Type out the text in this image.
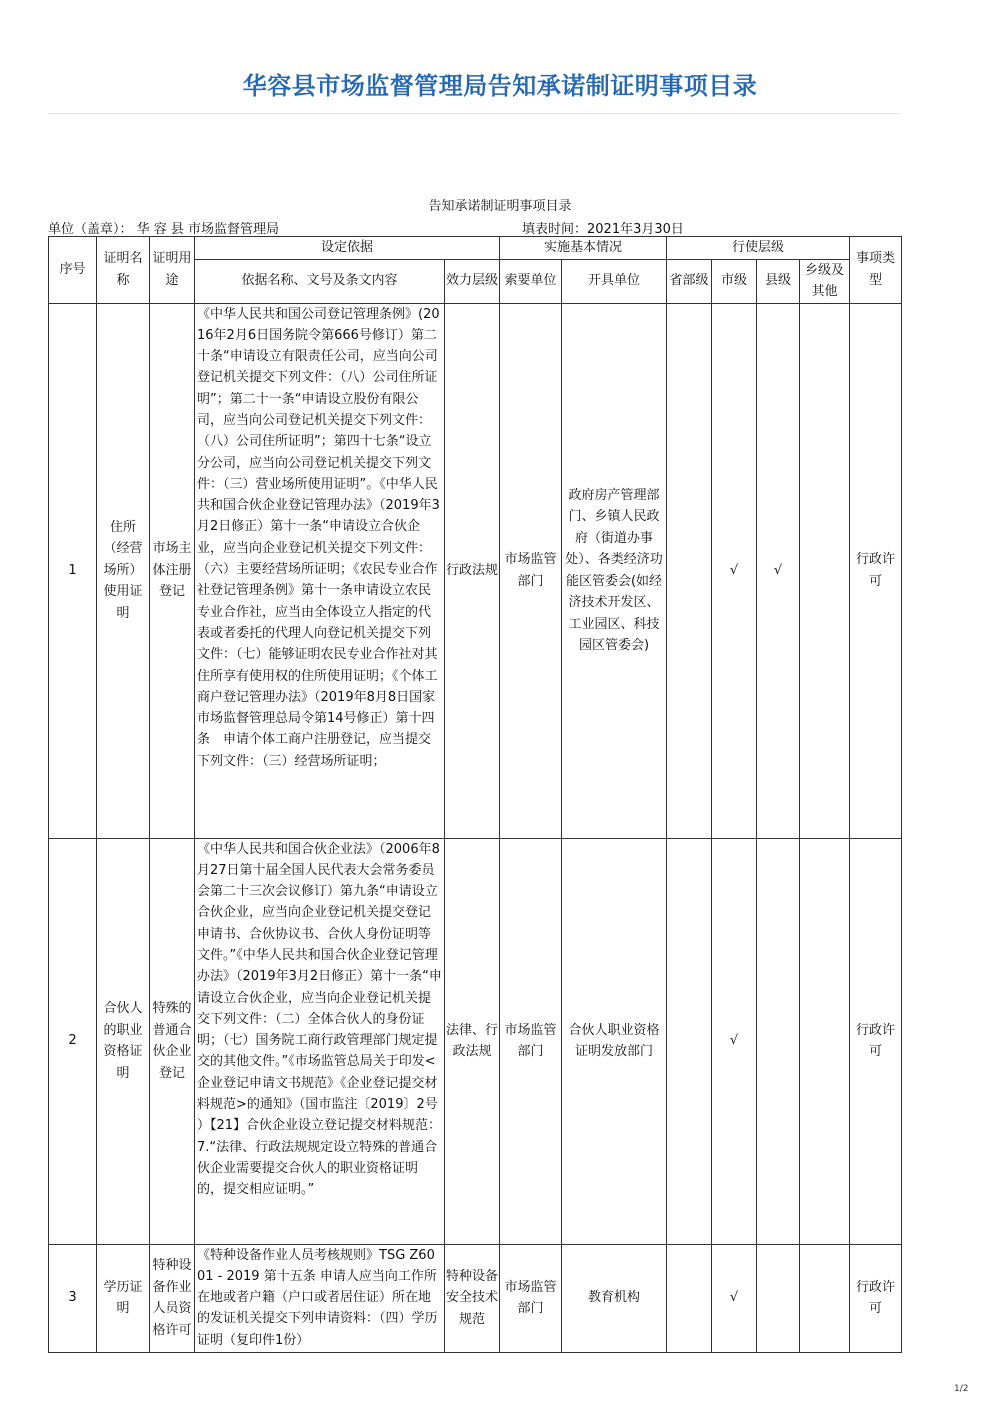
华容县市场监督管理局告知承诺制证明事项目录
告知承诺制证明事项目录
单位（盖章）： 华 容 县 市场监督管理局	填表时间：2021年3月30日
序号	证明名称	证明用途	设定依据		实施基本情况		行使层级				事项类型
			依据名称、文号及条文内容	效力层级	索要单位	开具单位	省部级	市级	县级	乡级及其他	
1	住所（经营场所）使用证明	市场主体注册登记	《中华人民共和国公司登记管理条例》(2016年2月6日国务院令第666号修订）第二十条“申请设立有限责任公司，应当向公司登记机关提交下列文件：（八）公司住所证明”；第二十一条“申请设立股份有限公司，应当向公司登记机关提交下列文件：（八）公司住所证明”；第四十七条“设立分公司，应当向公司登记机关提交下列文件：（三）营业场所使用证明”。《中华人民共和国合伙企业登记管理办法》（2019年3月2日修正）第十一条“申请设立合伙企业，应当向企业登记机关提交下列文件：（六）主要经营场所证明；《农民专业合作社登记管理条例》第十一条申请设立农民专业合作社，应当由全体设立人指定的代表或者委托的代理人向登记机关提交下列文件：（七）能够证明农民专业合作社对其住所享有使用权的住所使用证明；《个体工商户登记管理办法》（2019年8月8日国家市场监督管理总局令第14号修正）第十四条　申请个体工商户注册登记，应当提交下列文件：（三）经营场所证明；	行政法规	市场监管部门	政府房产管理部门、乡镇人民政府（街道办事处）、各类经济功能区管委会(如经济技术开发区、工业园区、科技园区管委会)		√	√		行政许可
2	合伙人的职业资格证明	特殊的普通合伙企业登记	《中华人民共和国合伙企业法》（2006年8月27日第十届全国人民代表大会常务委员会第二十三次会议修订）第九条“申请设立合伙企业，应当向企业登记机关提交登记申请书、合伙协议书、合伙人身份证明等文件。”《中华人民共和国合伙企业登记管理办法》（2019年3月2日修正）第十一条“申请设立合伙企业，应当向企业登记机关提交下列文件：（二）全体合伙人的身份证明；（七）国务院工商行政管理部门规定提交的其他文件。”《市场监管总局关于印发<企业登记申请文书规范》《企业登记提交材料规范>的通知》（国市监注〔2019〕2号 ）【21】合伙企业设立登记提交材料规范：7.“法律、行政法规规定设立特殊的普通合伙企业需要提交合伙人的职业资格证明的，提交相应证明。”	法律、行政法规	市场监管部门	合伙人职业资格证明发放部门		√			行政许可
3	学历证明	特种设备作业人员资格许可	《特种设备作业人员考核规则》TSG Z6001 - 2019 第十五条 申请人应当向工作所在地或者户籍（户口或者居住证）所在地的发证机关提交下列申请资料：（四）学历证明（复印件1份）	特种设备安全技术规范	市场监管部门	教育机构		√			行政许可
1/2
